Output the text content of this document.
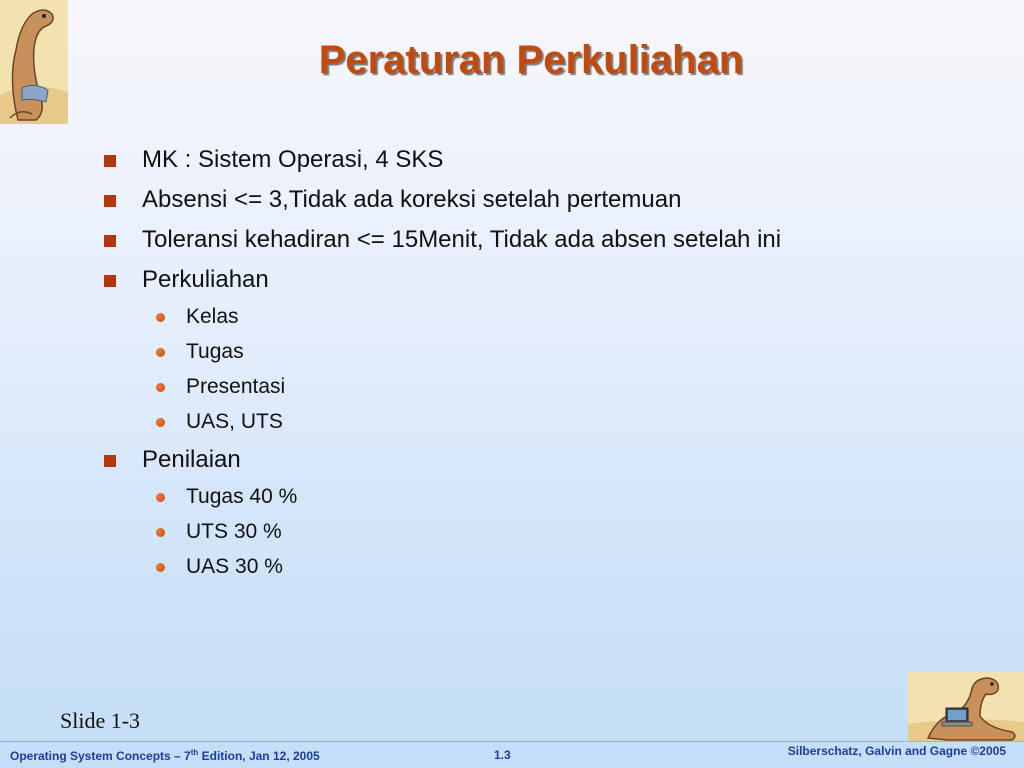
Peraturan Perkuliahan
MK : Sistem Operasi, 4 SKS
Absensi <= 3,Tidak ada koreksi setelah pertemuan
Toleransi kehadiran <= 15Menit, Tidak ada absen setelah ini
Perkuliahan
Kelas
Tugas
Presentasi
UAS, UTS
Penilaian
Tugas 40 %
UTS 30 %
UAS 30 %
Slide 1-3
Operating System Concepts – 7th Edition, Jan 12, 2005	1.3	Silberschatz, Galvin and Gagne ©2005
